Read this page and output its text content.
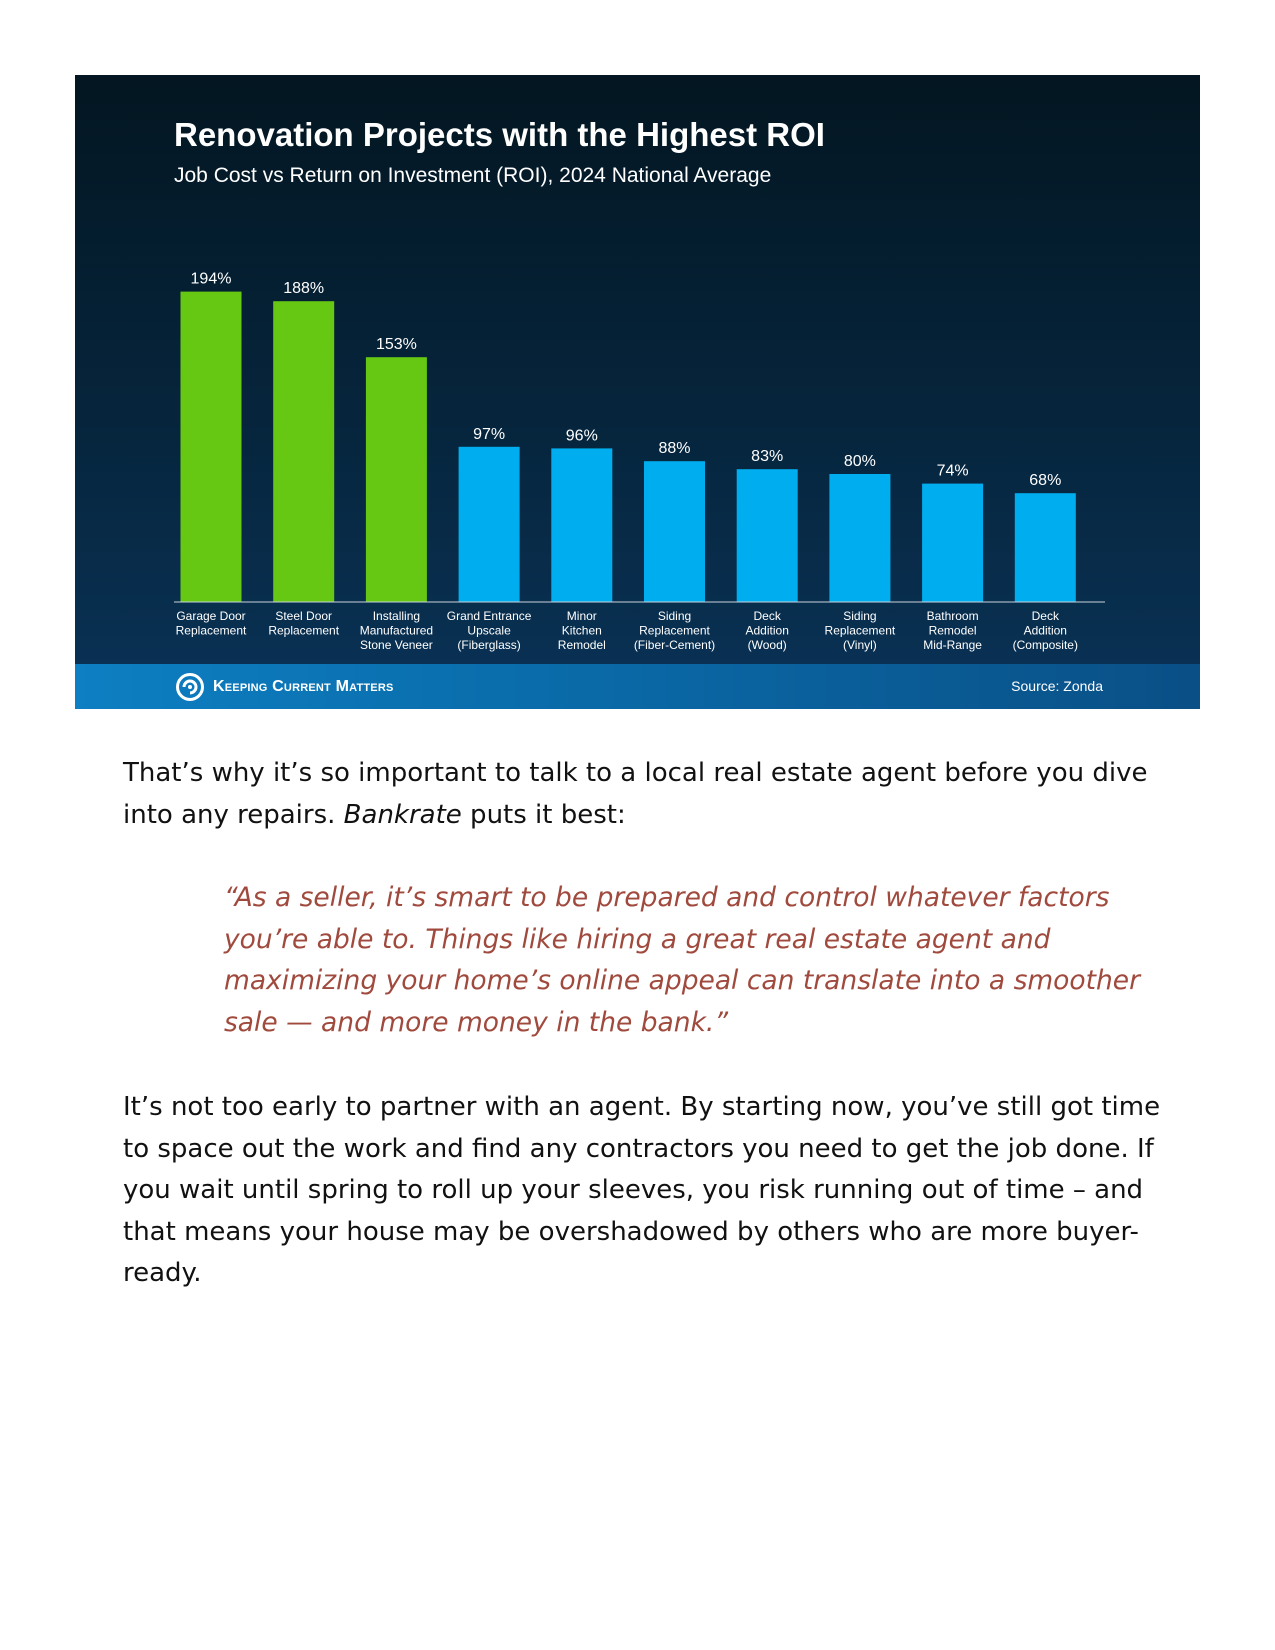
Renovation Projects with the Highest ROI
Job Cost vs Return on Investment (ROI), 2024 National Average
194%
188%
153%
97%	96%
88%	83%	80%
74%
68%
Garage Door Replacement
Steel Door Replacement
Installing Manufactured Stone Veneer
Grand Entrance Upscale (Fiberglass)
Minor Kitchen Remodel
Siding Replacement (Fiber-Cement)
Deck Addition (Wood)
Siding Replacement (Vinyl)
Bathroom Remodel Mid-Range
Deck Addition (Composite)
Keeping Current Matters	Source: Zonda

That’s why it’s so important to talk to a local real estate agent before you dive into any repairs. Bankrate puts it best:

“As a seller, it’s smart to be prepared and control whatever factors you’re able to. Things like hiring a great real estate agent and maximizing your home’s online appeal can translate into a smoother sale — and more money in the bank.”

It’s not too early to partner with an agent. By starting now, you’ve still got time to space out the work and find any contractors you need to get the job done. If you wait until spring to roll up your sleeves, you risk running out of time – and that means your house may be overshadowed by others who are more buyer-ready.
